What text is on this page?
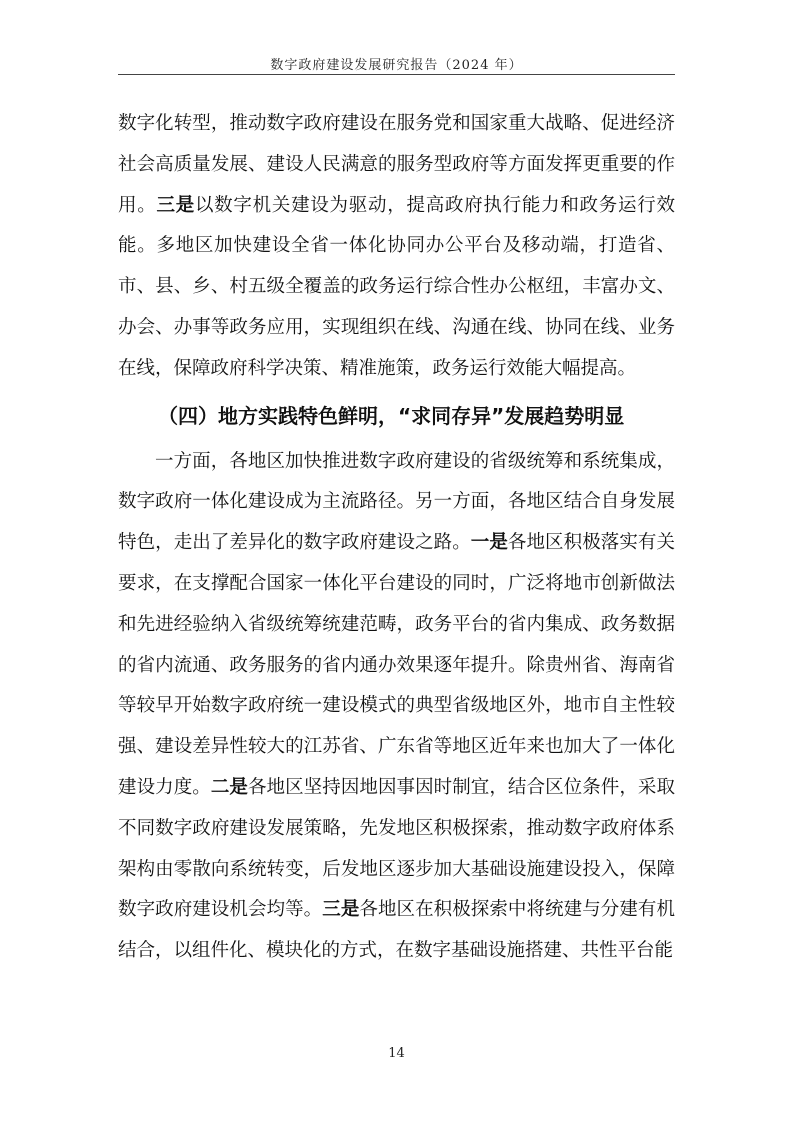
数字政府建设发展研究报告（2024 年）

数字化转型，推动数字政府建设在服务党和国家重大战略、促进经济社会高质量发展、建设人民满意的服务型政府等方面发挥更重要的作用。三是以数字机关建设为驱动，提高政府执行能力和政务运行效能。多地区加快建设全省一体化协同办公平台及移动端，打造省、市、县、乡、村五级全覆盖的政务运行综合性办公枢纽，丰富办文、办会、办事等政务应用，实现组织在线、沟通在线、协同在线、业务在线，保障政府科学决策、精准施策，政务运行效能大幅提高。

（四）地方实践特色鲜明，“求同存异”发展趋势明显

一方面，各地区加快推进数字政府建设的省级统筹和系统集成，数字政府一体化建设成为主流路径。另一方面，各地区结合自身发展特色，走出了差异化的数字政府建设之路。一是各地区积极落实有关要求，在支撑配合国家一体化平台建设的同时，广泛将地市创新做法和先进经验纳入省级统筹统建范畴，政务平台的省内集成、政务数据的省内流通、政务服务的省内通办效果逐年提升。除贵州省、海南省等较早开始数字政府统一建设模式的典型省级地区外，地市自主性较强、建设差异性较大的江苏省、广东省等地区近年来也加大了一体化建设力度。二是各地区坚持因地因事因时制宜，结合区位条件，采取不同数字政府建设发展策略，先发地区积极探索，推动数字政府体系架构由零散向系统转变，后发地区逐步加大基础设施建设投入，保障数字政府建设机会均等。三是各地区在积极探索中将统建与分建有机结合，以组件化、模块化的方式，在数字基础设施搭建、共性平台能

14
